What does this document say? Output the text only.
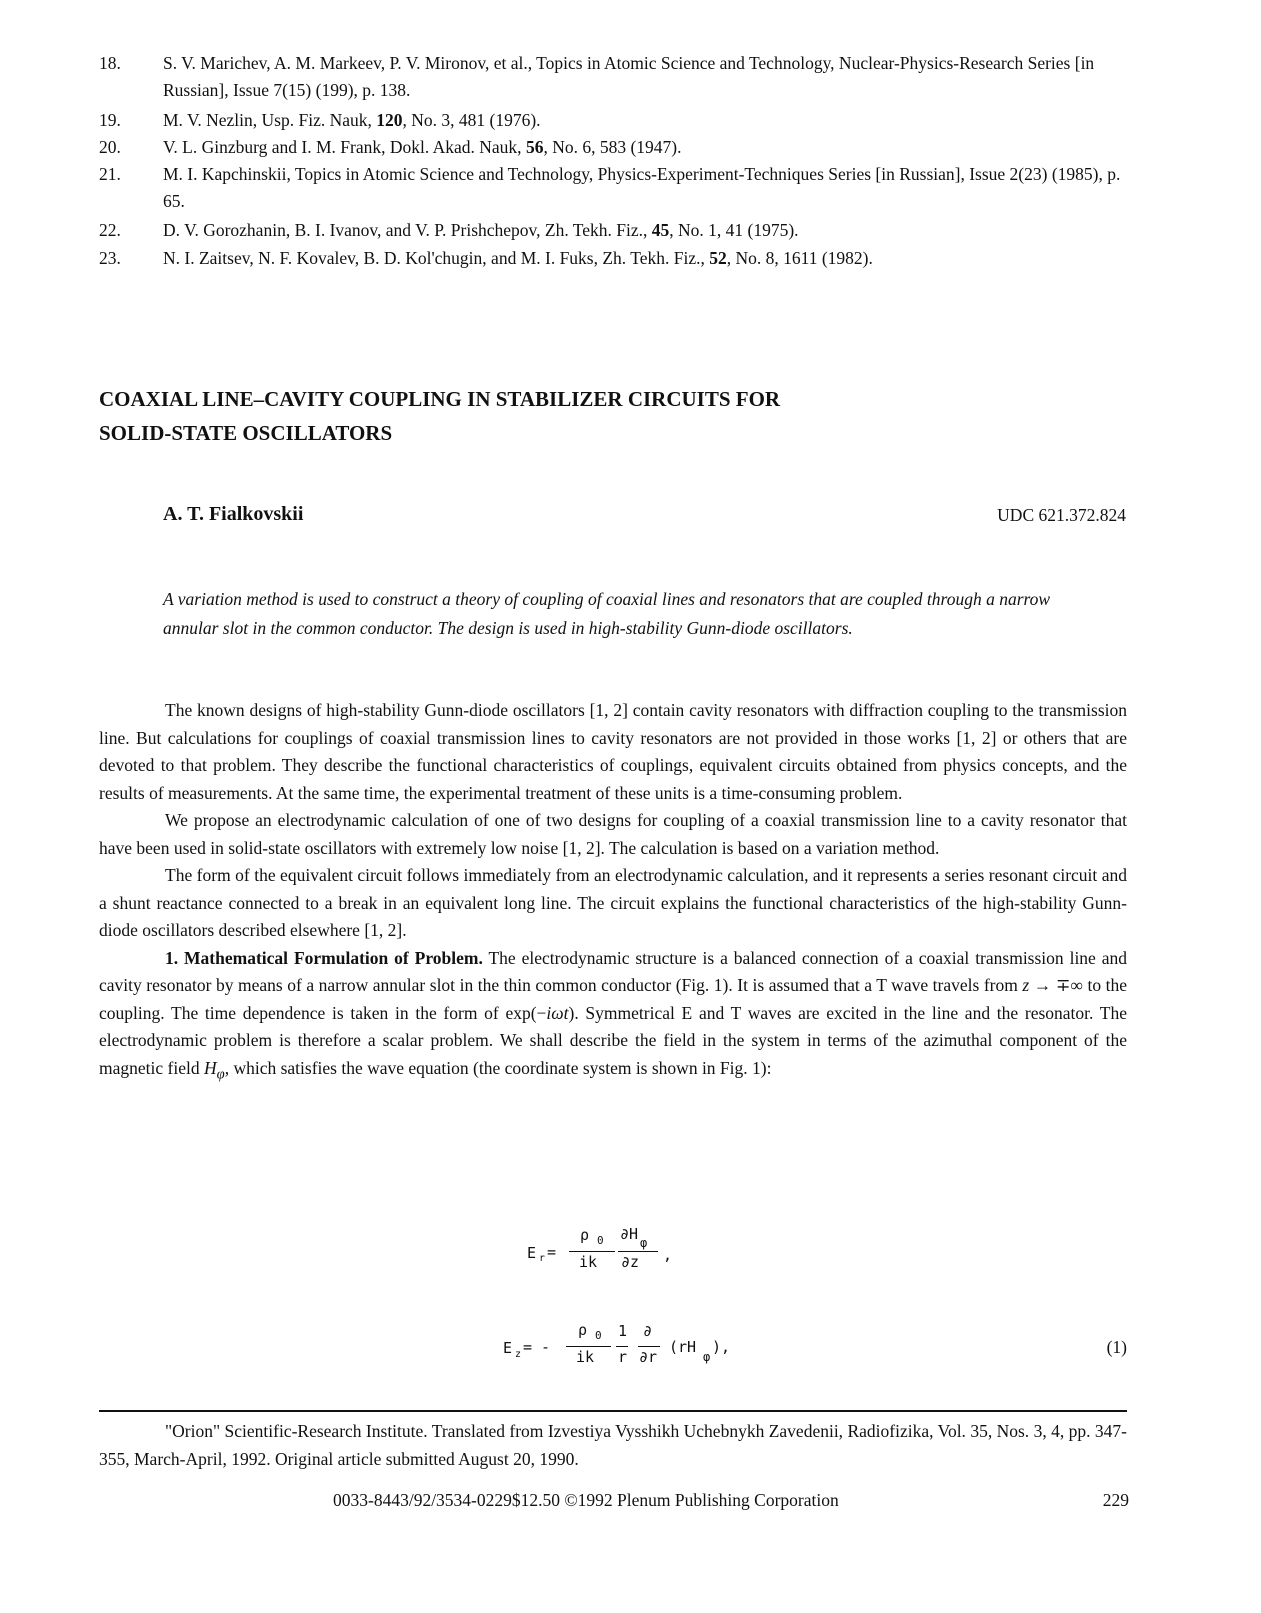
18. S. V. Marichev, A. M. Markeev, P. V. Mironov, et al., Topics in Atomic Science and Technology, Nuclear-Physics-Research Series [in Russian], Issue 7(15) (199), p. 138.
19. M. V. Nezlin, Usp. Fiz. Nauk, 120, No. 3, 481 (1976).
20. V. L. Ginzburg and I. M. Frank, Dokl. Akad. Nauk, 56, No. 6, 583 (1947).
21. M. I. Kapchinskii, Topics in Atomic Science and Technology, Physics-Experiment-Techniques Series [in Russian], Issue 2(23) (1985), p. 65.
22. D. V. Gorozhanin, B. I. Ivanov, and V. P. Prishchepov, Zh. Tekh. Fiz., 45, No. 1, 41 (1975).
23. N. I. Zaitsev, N. F. Kovalev, B. D. Kol'chugin, and M. I. Fuks, Zh. Tekh. Fiz., 52, No. 8, 1611 (1982).
COAXIAL LINE–CAVITY COUPLING IN STABILIZER CIRCUITS FOR
SOLID-STATE OSCILLATORS
A. T. Fialkovskii	UDC 621.372.824
A variation method is used to construct a theory of coupling of coaxial lines and resonators that are coupled through a narrow annular slot in the common conductor. The design is used in high-stability Gunn-diode oscillators.

The known designs of high-stability Gunn-diode oscillators [1, 2] contain cavity resonators with diffraction coupling to the transmission line. But calculations for couplings of coaxial transmission lines to cavity resonators are not provided in those works [1, 2] or others that are devoted to that problem. They describe the functional characteristics of couplings, equivalent circuits obtained from physics concepts, and the results of measurements. At the same time, the experimental treatment of these units is a time-consuming problem.

We propose an electrodynamic calculation of one of two designs for coupling of a coaxial transmission line to a cavity resonator that have been used in solid-state oscillators with extremely low noise [1, 2]. The calculation is based on a variation method.

The form of the equivalent circuit follows immediately from an electrodynamic calculation, and it represents a series resonant circuit and a shunt reactance connected to a break in an equivalent long line. The circuit explains the functional characteristics of the high-stability Gunn-diode oscillators described elsewhere [1, 2].

1. Mathematical Formulation of Problem. The electrodynamic structure is a balanced connection of a coaxial transmission line and cavity resonator by means of a narrow annular slot in the thin common conductor (Fig. 1). It is assumed that a T wave travels from z → ∓∞ to the coupling. The time dependence is taken in the form of exp(−iωt). Symmetrical E and T waves are excited in the line and the resonator. The electrodynamic problem is therefore a scalar problem. We shall describe the field in the system in terms of the azimuthal component of the magnetic field $H_\varphi$, which satisfies the wave equation (the coordinate system is shown in Fig. 1):

E r =
ρ 0
ik
∂H φ
∂z ,
E z = -
ρ 0
ik
1
r
∂
∂r
(rH
φ
),	(1)

"Orion" Scientific-Research Institute. Translated from Izvestiya Vysshikh Uchebnykh Zavedenii, Radiofizika, Vol. 35, Nos. 3, 4, pp. 347-355, March-April, 1992. Original article submitted August 20, 1990.

0033-8443/92/3534-0229$12.50 ©1992 Plenum Publishing Corporation	229
